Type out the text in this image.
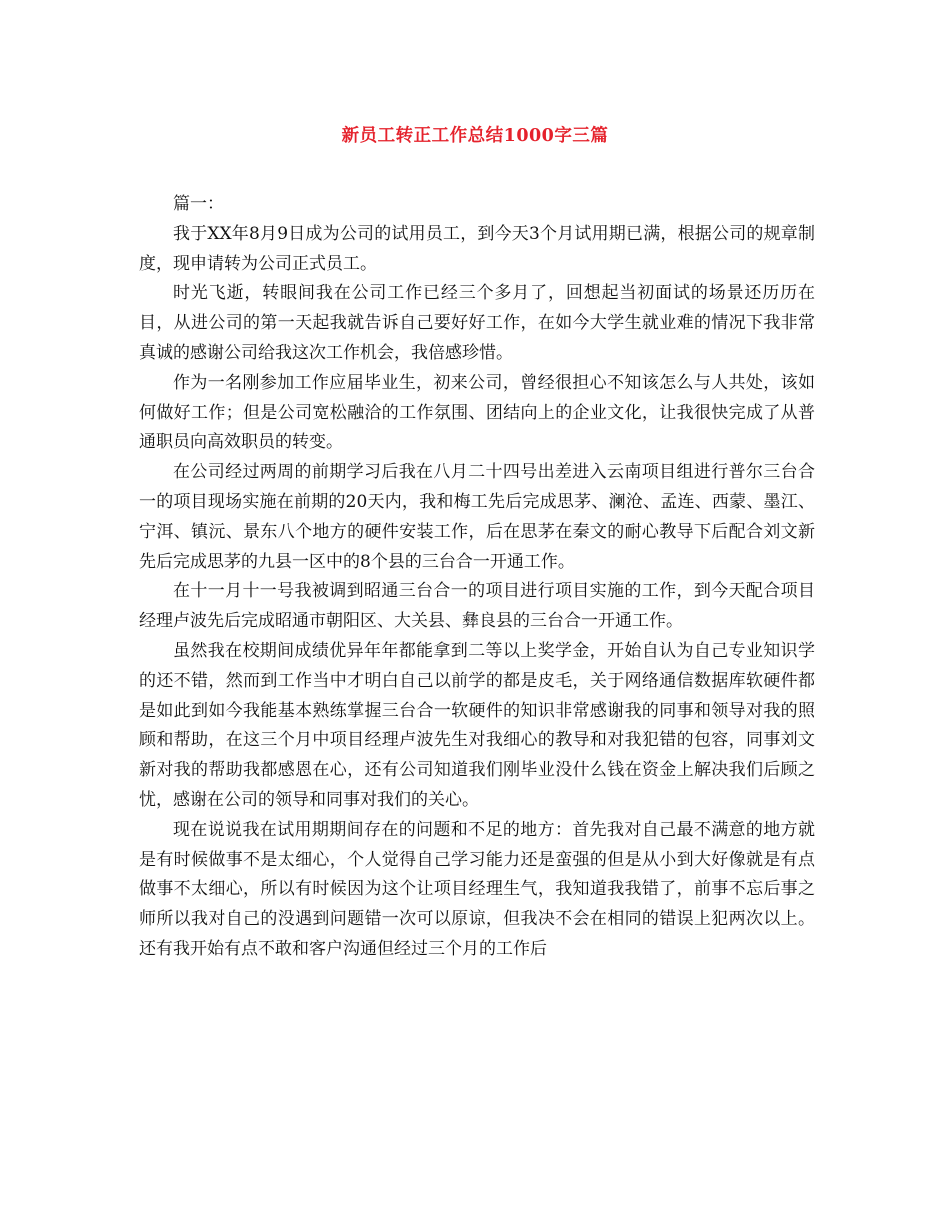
新员工转正工作总结1000字三篇

篇一：

我于XX年8月9日成为公司的试用员工，到今天3个月试用期已满，根据公司的规章制度，现申请转为公司正式员工。

时光飞逝，转眼间我在公司工作已经三个多月了，回想起当初面试的场景还历历在目，从进公司的第一天起我就告诉自己要好好工作，在如今大学生就业难的情况下我非常真诚的感谢公司给我这次工作机会，我倍感珍惜。

作为一名刚参加工作应届毕业生，初来公司，曾经很担心不知该怎么与人共处，该如何做好工作；但是公司宽松融洽的工作氛围、团结向上的企业文化，让我很快完成了从普通职员向高效职员的转变。

在公司经过两周的前期学习后我在八月二十四号出差进入云南项目组进行普尔三台合一的项目现场实施在前期的20天内，我和梅工先后完成思茅、澜沧、孟连、西蒙、墨江、宁洱、镇沅、景东八个地方的硬件安装工作，后在思茅在秦文的耐心教导下后配合刘文新先后完成思茅的九县一区中的8个县的三台合一开通工作。

在十一月十一号我被调到昭通三台合一的项目进行项目实施的工作，到今天配合项目经理卢波先后完成昭通市朝阳区、大关县、彝良县的三台合一开通工作。

虽然我在校期间成绩优异年年都能拿到二等以上奖学金，开始自认为自己专业知识学的还不错，然而到工作当中才明白自己以前学的都是皮毛，关于网络通信数据库软硬件都是如此到如今我能基本熟练掌握三台合一软硬件的知识非常感谢我的同事和领导对我的照顾和帮助，在这三个月中项目经理卢波先生对我细心的教导和对我犯错的包容，同事刘文新对我的帮助我都感恩在心，还有公司知道我们刚毕业没什么钱在资金上解决我们后顾之忧，感谢在公司的领导和同事对我们的关心。

现在说说我在试用期期间存在的问题和不足的地方：首先我对自己最不满意的地方就是有时候做事不是太细心，个人觉得自己学习能力还是蛮强的但是从小到大好像就是有点做事不太细心，所以有时候因为这个让项目经理生气，我知道我我错了，前事不忘后事之师所以我对自己的没遇到问题错一次可以原谅，但我决不会在相同的错误上犯两次以上。还有我开始有点不敢和客户沟通但经过三个月的工作后
